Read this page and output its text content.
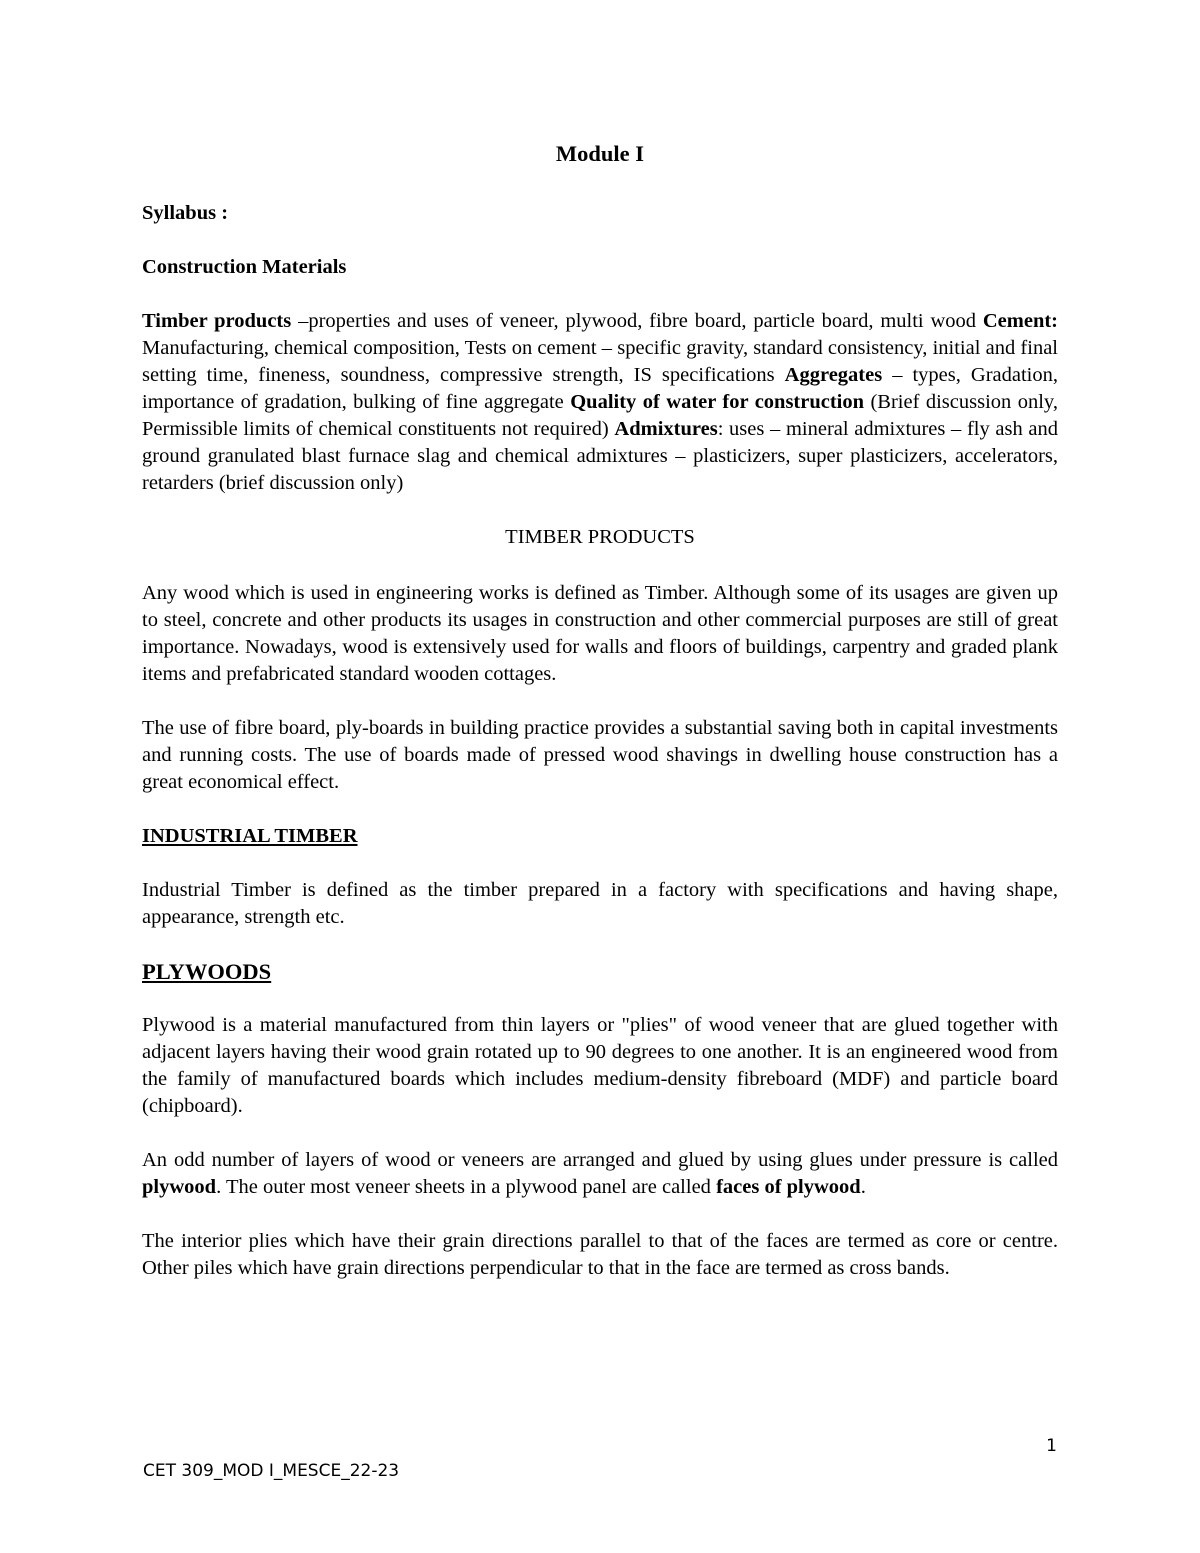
Module I

Syllabus :

Construction Materials

Timber products –properties and uses of veneer, plywood, fibre board, particle board, multi wood Cement: Manufacturing, chemical composition, Tests on cement – specific gravity, standard consistency, initial and final setting time, fineness, soundness, compressive strength, IS specifications Aggregates – types, Gradation, importance of gradation, bulking of fine aggregate Quality of water for construction (Brief discussion only, Permissible limits of chemical constituents not required) Admixtures: uses – mineral admixtures – fly ash and ground granulated blast furnace slag and chemical admixtures – plasticizers, super plasticizers, accelerators, retarders (brief discussion only)

TIMBER PRODUCTS

Any wood which is used in engineering works is defined as Timber. Although some of its usages are given up to steel, concrete and other products its usages in construction and other commercial purposes are still of great importance. Nowadays, wood is extensively used for walls and floors of buildings, carpentry and graded plank items and prefabricated standard wooden cottages.

The use of fibre board, ply-boards in building practice provides a substantial saving both in capital investments and running costs. The use of boards made of pressed wood shavings in dwelling house construction has a great economical effect.

INDUSTRIAL TIMBER

Industrial Timber is defined as the timber prepared in a factory with specifications and having shape, appearance, strength etc.

PLYWOODS

Plywood is a material manufactured from thin layers or "plies" of wood veneer that are glued together with adjacent layers having their wood grain rotated up to 90 degrees to one another. It is an engineered wood from the family of manufactured boards which includes medium-density fibreboard (MDF) and particle board (chipboard).

An odd number of layers of wood or veneers are arranged and glued by using glues under pressure is called plywood. The outer most veneer sheets in a plywood panel are called faces of plywood.

The interior plies which have their grain directions parallel to that of the faces are termed as core or centre. Other piles which have grain directions perpendicular to that in the face are termed as cross bands.

1
CET 309_MOD I_MESCE_22-23
